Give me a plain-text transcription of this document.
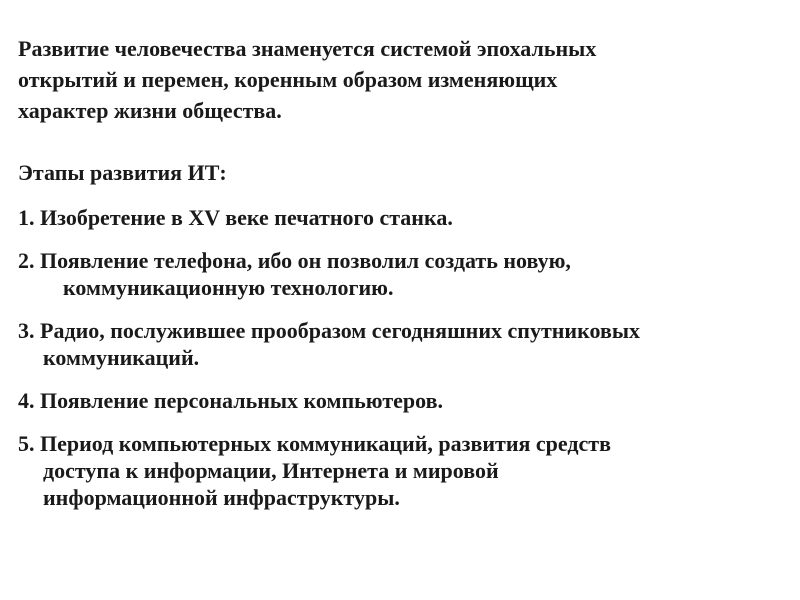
Развитие человечества знаменуется системой эпохальных
открытий и перемен, коренным образом изменяющих
характер жизни общества.

Этапы развития ИТ:

1. Изобретение в XV веке печатного станка.
2. Появление телефона, ибо он позволил создать новую,
коммуникационную технологию.
3. Радио, послужившее прообразом сегодняшних спутниковых
коммуникаций.
4. Появление персональных компьютеров.
5. Период компьютерных коммуникаций, развития средств
доступа к информации, Интернета и мировой
информационной инфраструктуры.
